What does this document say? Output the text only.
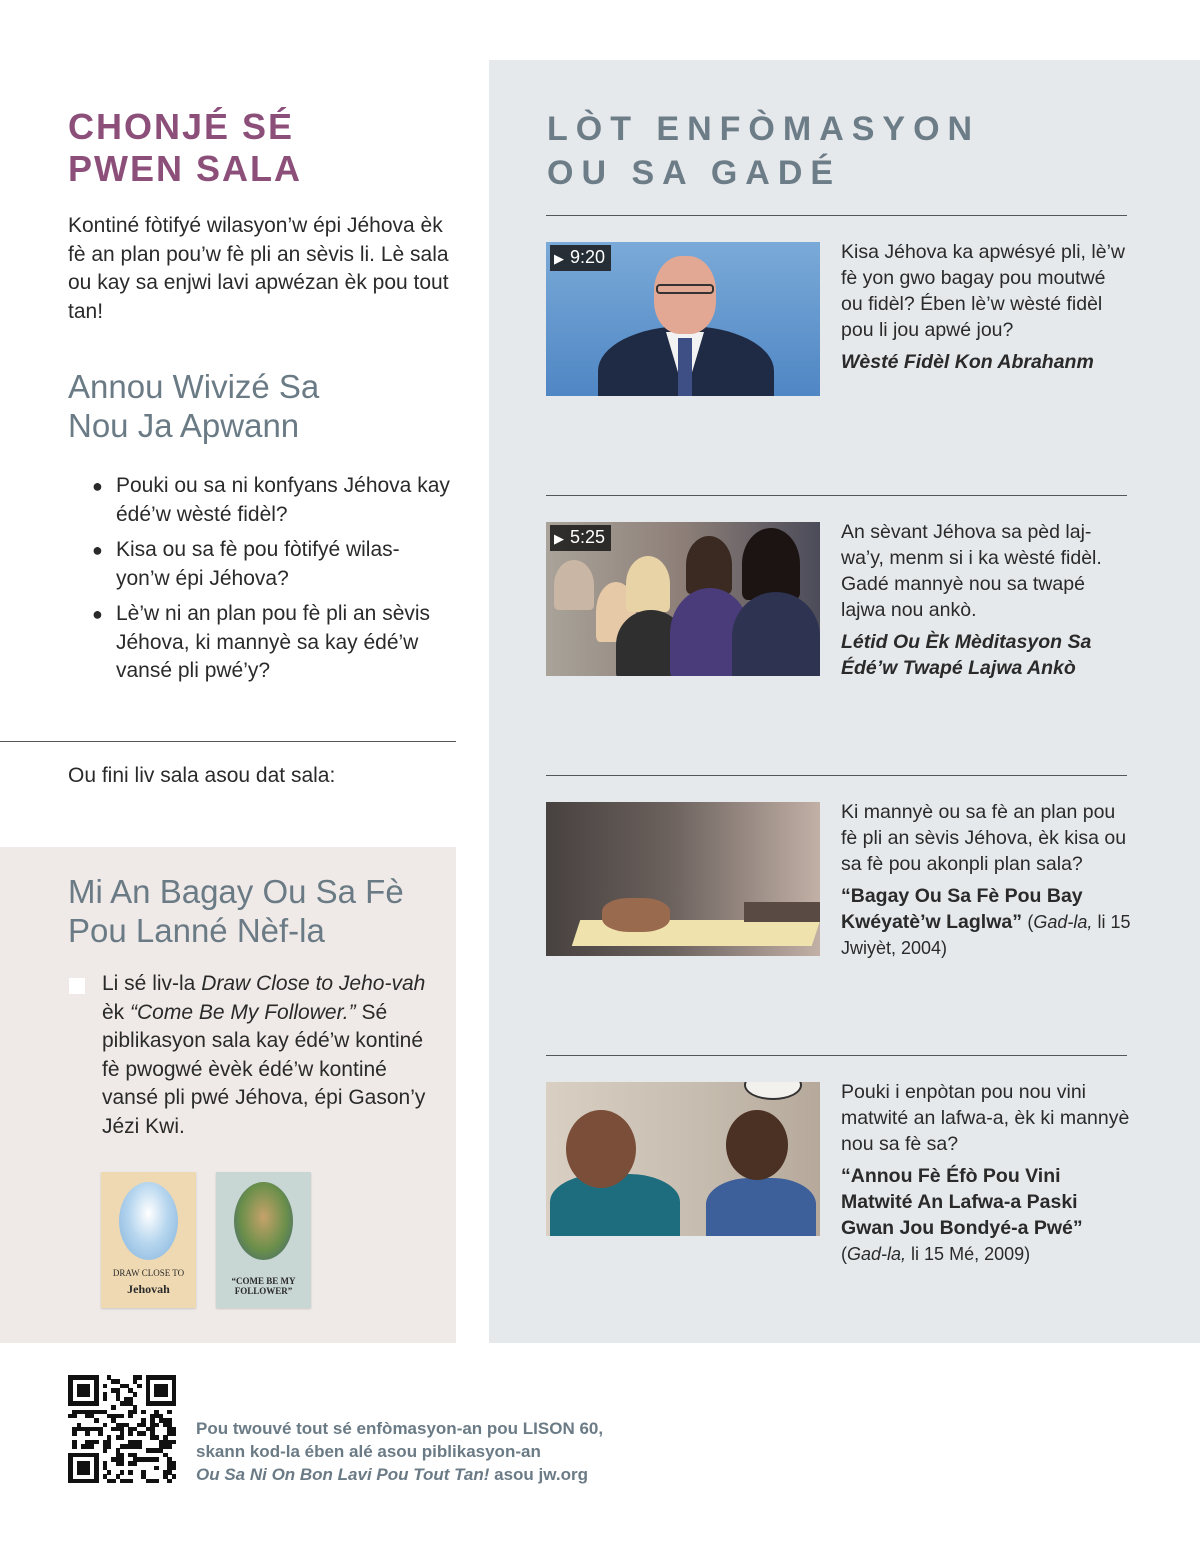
CHONJÉ SÉ
PWEN SALA

Kontiné fòtifyé wilasyon’w épi Jéhova èk fè an plan pou’w fè pli an sèvis li. Lè sala ou kay sa enjwi lavi apwézan èk pou tout tan!

Annou Wivizé Sa
Nou Ja Apwann
● Pouki ou sa ni konfyans Jéhova kay édé’w wèsté fidèl?
● Kisa ou sa fè pou fòtifyé wilas-yon’w épi Jéhova?
● Lè’w ni an plan pou fè pli an sèvis Jéhova, ki mannyè sa kay édé’w vansé pli pwé’y?
Ou fini liv sala asou dat sala:
Mi An Bagay Ou Sa Fè
Pou Lanné Nèf-la

Li sé liv-la Draw Close to Jeho-vah èk “Come Be My Follower.” Sé piblikasyon sala kay édé’w kontiné fè pwogwé èvèk édé’w kontiné vansé pli pwé Jéhova, épi Gason’y Jézi Kwi.

DRAW CLOSE TO
Jehovah
“COME BE MY FOLLOWER”
LÒT ENFÒMASYON
OU SA GADÉ
▶ 9:20	Kisa Jéhova ka apwésyé pli, lè’w fè yon gwo bagay pou moutwé ou fidèl? Ében lè’w wèsté fidèl pou li jou apwé jou?

Wèsté Fidèl Kon Abrahanm

▶ 5:25	An sèvant Jéhova sa pèd laj-wa’y, menm si i ka wèsté fidèl. Gadé mannyè nou sa twapé lajwa nou ankò.

Létid Ou Èk Mèditasyon Sa Édé’w Twapé Lajwa Ankò

Ki mannyè ou sa fè an plan pou fè pli an sèvis Jéhova, èk kisa ou sa fè pou akonpli plan sala?

“Bagay Ou Sa Fè Pou Bay Kwéyatè’w Laglwa” (Gad-la, li 15 Jwiyèt, 2004)

Pouki i enpòtan pou nou vini matwité an lafwa-a, èk ki mannyè nou sa fè sa?

“Annou Fè Éfò Pou Vini Matwité An Lafwa-a Paski Gwan Jou Bondyé-a Pwé”
(Gad-la, li 15 Mé, 2009)

Pou twouvé tout sé enfòmasyon-an pou LISON 60,
skann kod-la ében alé asou piblikasyon-an
Ou Sa Ni On Bon Lavi Pou Tout Tan! asou jw.org
